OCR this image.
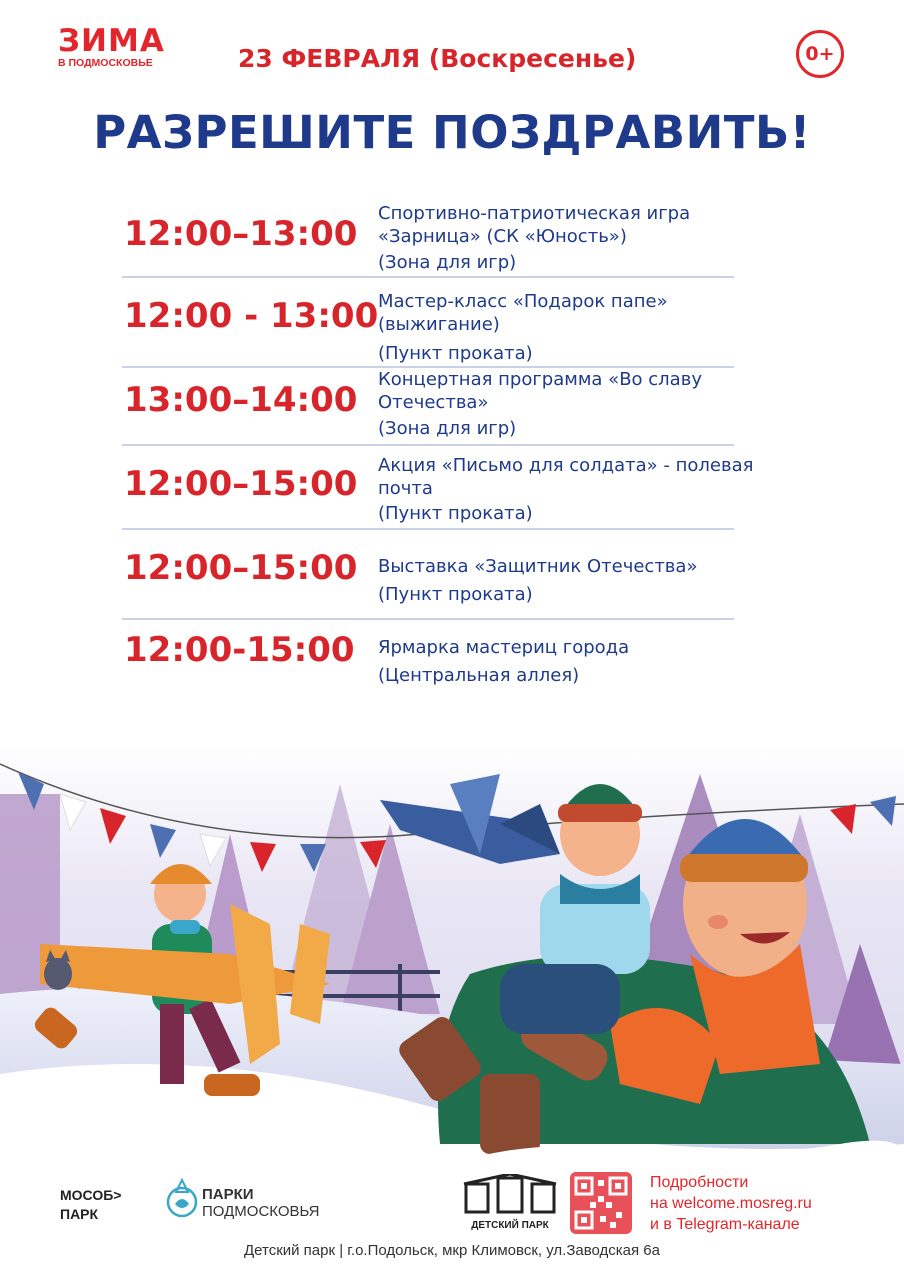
ЗИМА
В ПОДМОСКОВЬЕ	23 ФЕВРАЛЯ (Воскресенье)	0+
РАЗРЕШИТЕ ПОЗДРАВИТЬ!
12:00–13:00
Спортивно-патриотическая игра «Зарница» (СК «Юность»)
(Зона для игр)
12:00 - 13:00 Мастер-класс «Подарок папе» (выжигание)
(Пункт проката)
13:00–14:00
Концертная программа «Во славу Отечества»
(Зона для игр)
12:00–15:00 Акция «Письмо для солдата» - полевая почта
(Пункт проката)
12:00–15:00 Выставка «Защитник Отечества»
(Пункт проката)
12:00-15:00 Ярмарка мастериц города
(Центральная аллея)
МОСОБ>
ПАРК
ПАРКИ
ПОДМОСКОВЬЯ
ДЕТСКИЙ ПАРК
Подробности
на welcome.mosreg.ru
и в Telegram-канале
Детский парк | г.о.Подольск, мкр Климовск, ул.Заводская 6а
